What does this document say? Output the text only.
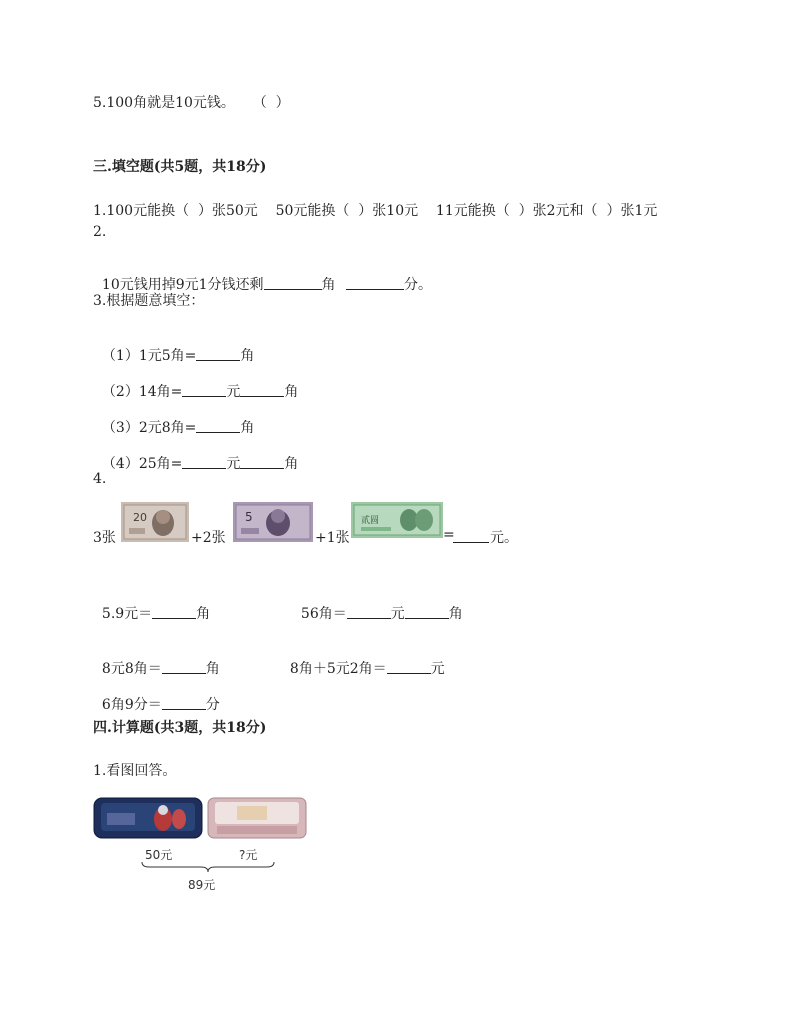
5.100角就是10元钱。    （  ）
三.填空题(共5题，共18分)
1.100元能换（  ）张50元    50元能换（  ）张10元    11元能换（  ）张2元和（  ）张1元
2.

10元钱用掉9元1分钱还剩	角	分。

3.根据题意填空：

（1）1元5角=	角

（2）14角=	元	角

（3）2元8角=	角

（4）25角=	元	角

4.
3张
20
+2张
5
+1张
贰圆
=	元。

5.9元＝	角	56角＝	元	角

8元8角＝	角	8角＋5元2角＝	元

6角9分＝	分

四.计算题(共3题，共18分)
1.看图回答。
50元	?元
89元
